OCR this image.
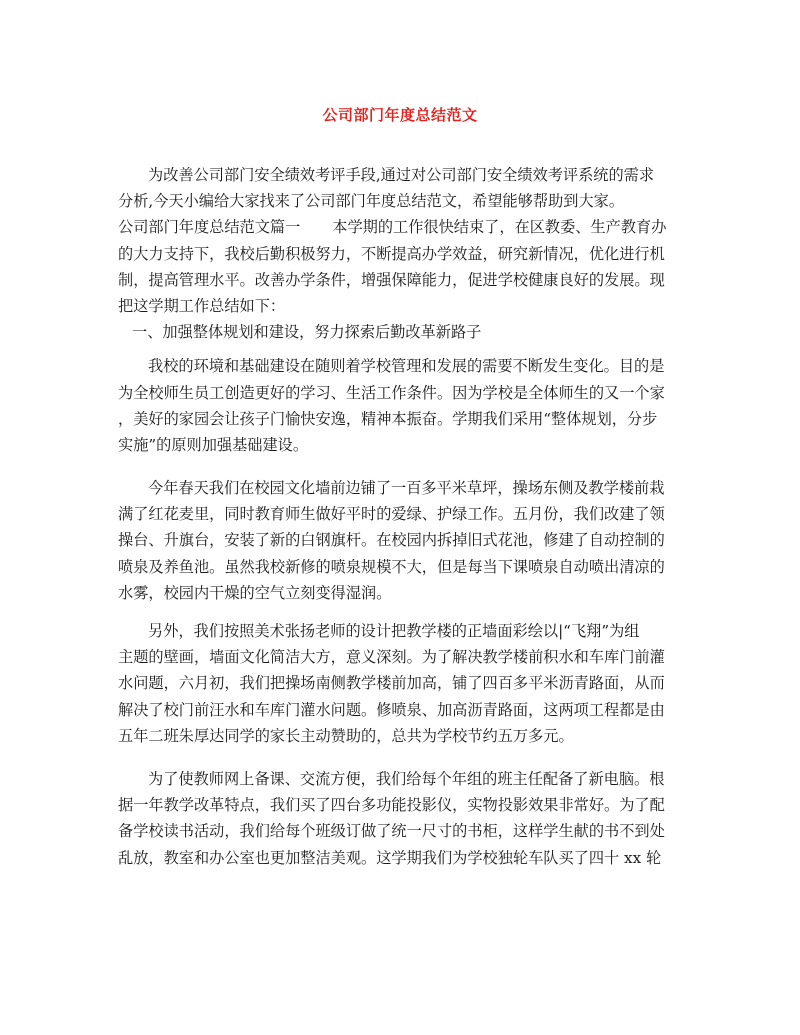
公司部门年度总结范文
为改善公司部门安全绩效考评手段,通过对公司部门安全绩效考评系统的需求
分析,今天小编给大家找来了公司部门年度总结范文，希望能够帮助到大家。
公司部门年度总结范文篇一 本学期的工作很快结束了，在区教委、生产教育办
的大力支持下，我校后勤积极努力，不断提高办学效益，研究新情况，优化进行机
制，提高管理水平。改善办学条件，增强保障能力，促进学校健康良好的发展。现
把这学期工作总结如下：
一、加强整体规划和建设，努力探索后勤改革新路子
我校的环境和基础建设在随则着学校管理和发展的需要不断发生变化。目的是
为全校师生员工创造更好的学习、生活工作条件。因为学校是全体师生的又一个家
，美好的家园会让孩子门愉快安逸，精神本振奋。学期我们采用“整体规划，分步
实施”的原则加强基础建设。
今年春天我们在校园文化墙前边铺了一百多平米草坪，操场东侧及教学楼前栽
满了红花麦里，同时教育师生做好平时的爱绿、护绿工作。五月份，我们改建了领
操台、升旗台，安装了新的白钢旗杆。在校园内拆掉旧式花池，修建了自动控制的
喷泉及养鱼池。虽然我校新修的喷泉规模不大，但是每当下课喷泉自动喷出清凉的
水雾，校园内干燥的空气立刻变得湿润。
另外，我们按照美术张扬老师的设计把教学楼的正墙面彩绘以|“飞翔”为组
主题的壁画，墙面文化简洁大方，意义深刻。为了解决教学楼前积水和车库门前灌
水问题，六月初，我们把操场南侧教学楼前加高，铺了四百多平米沥青路面，从而
解决了校门前汪水和车库门灌水问题。修喷泉、加高沥青路面，这两项工程都是由
五年二班朱厚达同学的家长主动赞助的，总共为学校节约五万多元。
为了使教师网上备课、交流方便，我们给每个年组的班主任配备了新电脑。根
据一年教学改革特点，我们买了四台多功能投影仪，实物投影效果非常好。为了配
备学校读书活动，我们给每个班级订做了统一尺寸的书柜，这样学生献的书不到处
乱放，教室和办公室也更加整洁美观。这学期我们为学校独轮车队买了四十 xx 轮
